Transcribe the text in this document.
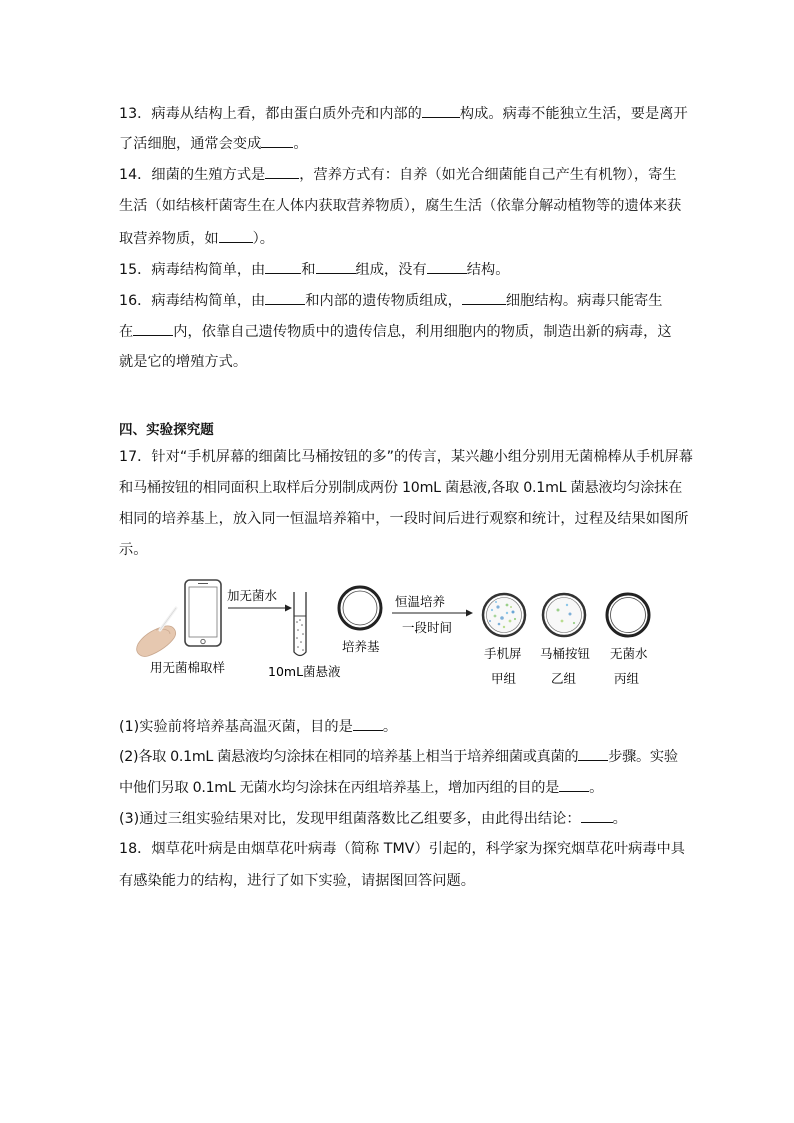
13．病毒从结构上看，都由蛋白质外壳和内部的	构成。病毒不能独立生活，要是离开
了活细胞，通常会变成 。
14．细菌的生殖方式是 ，营养方式有：自养（如光合细菌能自己产生有机物），寄生
生活（如结核杆菌寄生在人体内获取营养物质），腐生生活（依靠分解动植物等的遗体来获
取营养物质，如 ）。
15．病毒结构简单，由	和	组成，没有	结构。
16．病毒结构简单，由	和内部的遗传物质组成，	细胞结构。病毒只能寄生
在	内，依靠自己遗传物质中的遗传信息，利用细胞内的物质，制造出新的病毒，这
就是它的增殖方式。
四、实验探究题
17．针对“手机屏幕的细菌比马桶按钮的多”的传言，某兴趣小组分别用无菌棉棒从手机屏幕
和马桶按钮的相同面积上取样后分别制成两份 10mL 菌悬液,各取 0.1mL 菌悬液均匀涂抹在
相同的培养基上，放入同一恒温培养箱中，一段时间后进行观察和统计，过程及结果如图所
示。
用无菌棉取样
加无菌水
10mL菌悬液
培养基
恒温培养
一段时间
手机屏
甲组
马桶按钮
乙组
无菌水
丙组
(1)实验前将培养基高温灭菌，目的是 。
(2)各取 0.1mL 菌悬液均匀涂抹在相同的培养基上相当于培养细菌或真菌的 步骤。实验
中他们另取 0.1mL 无菌水均匀涂抹在丙组培养基上，增加丙组的目的是 。
(3)通过三组实验结果对比，发现甲组菌落数比乙组要多，由此得出结论： 。
18．烟草花叶病是由烟草花叶病毒（简称 TMV）引起的，科学家为探究烟草花叶病毒中具
有感染能力的结构，进行了如下实验，请据图回答问题。
